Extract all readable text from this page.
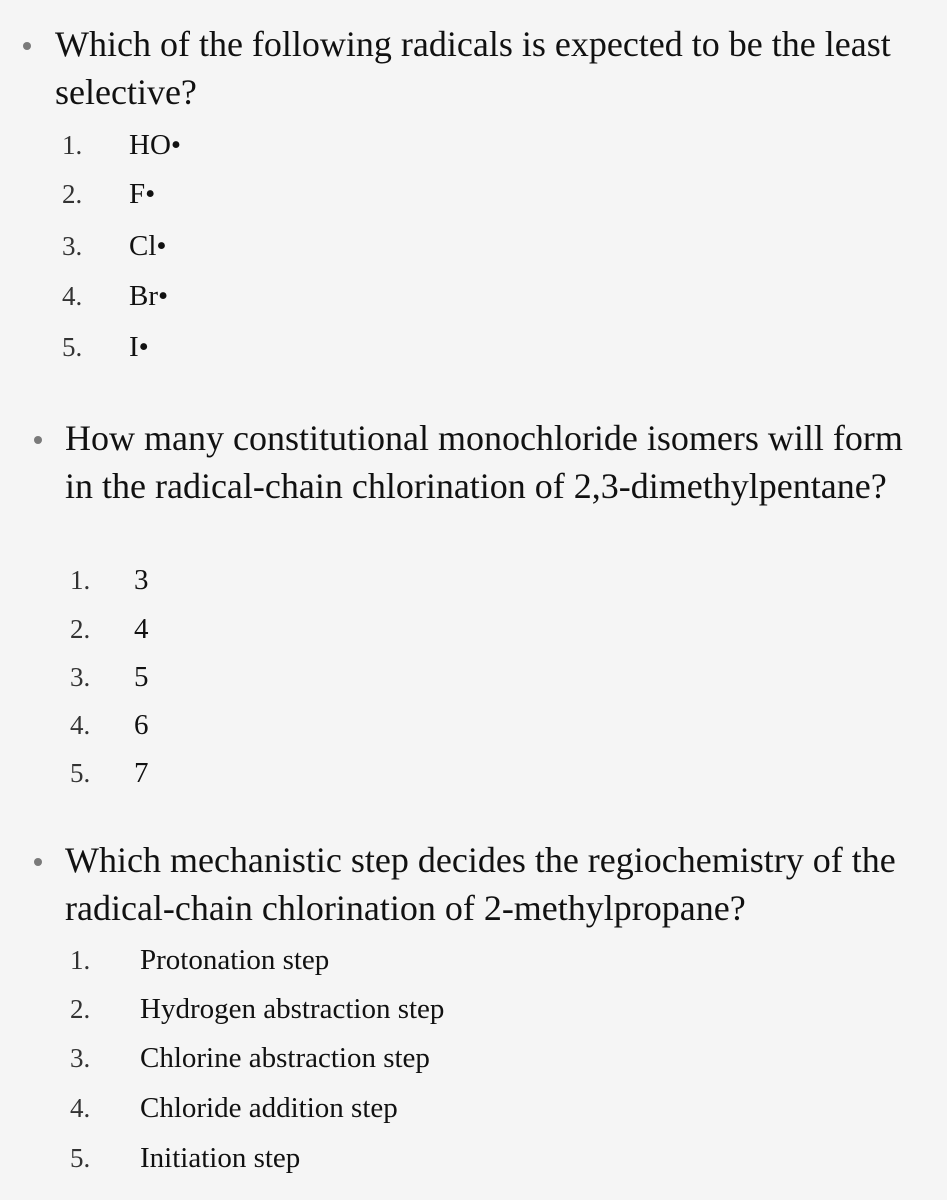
Which of the following radicals is expected to be the least selective?
1. HO•
2. F•
3. Cl•
4. Br•
5. I•
How many constitutional monochloride isomers will form in the radical-chain chlorination of 2,3-dimethylpentane?
1. 3
2. 4
3. 5
4. 6
5. 7
Which mechanistic step decides the regiochemistry of the radical-chain chlorination of 2-methylpropane?
1. Protonation step
2. Hydrogen abstraction step
3. Chlorine abstraction step
4. Chloride addition step
5. Initiation step
